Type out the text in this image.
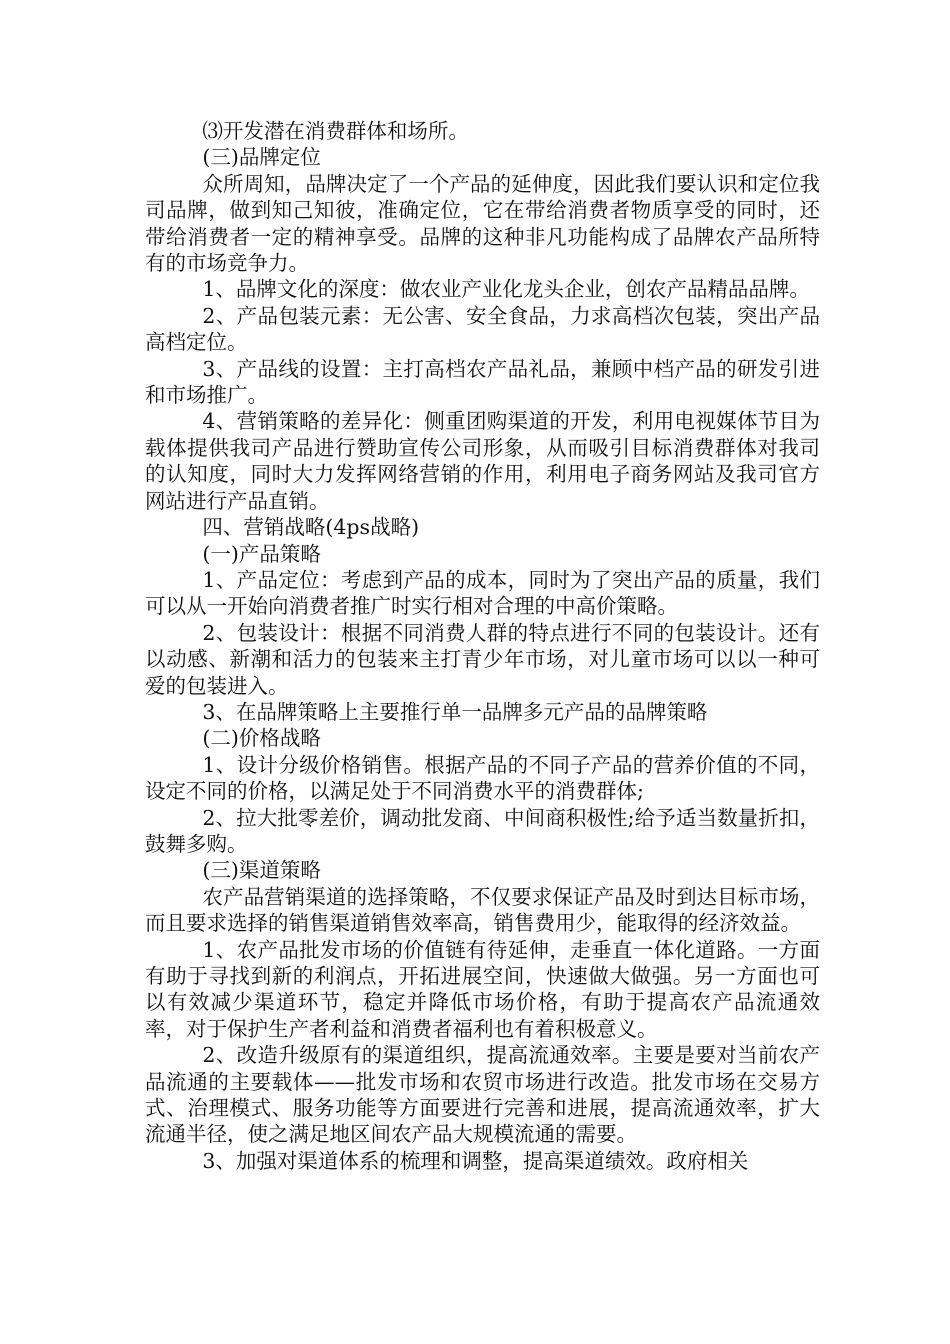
⑶开发潜在消费群体和场所。

(三)品牌定位

众所周知，品牌决定了一个产品的延伸度，因此我们要认识和定位我司品牌，做到知己知彼，准确定位，它在带给消费者物质享受的同时，还带给消费者一定的精神享受。品牌的这种非凡功能构成了品牌农产品所特有的市场竞争力。

1、品牌文化的深度：做农业产业化龙头企业，创农产品精品品牌。

2、产品包装元素：无公害、安全食品，力求高档次包装，突出产品高档定位。

3、产品线的设置：主打高档农产品礼品，兼顾中档产品的研发引进和市场推广。

4、营销策略的差异化：侧重团购渠道的开发，利用电视媒体节目为载体提供我司产品进行赞助宣传公司形象，从而吸引目标消费群体对我司的认知度，同时大力发挥网络营销的作用，利用电子商务网站及我司官方网站进行产品直销。

四、营销战略(4ps战略)

(一)产品策略

1、产品定位：考虑到产品的成本，同时为了突出产品的质量，我们可以从一开始向消费者推广时实行相对合理的中高价策略。

2、包装设计：根据不同消费人群的特点进行不同的包装设计。还有以动感、新潮和活力的包装来主打青少年市场，对儿童市场可以以一种可爱的包装进入。

3、在品牌策略上主要推行单一品牌多元产品的品牌策略

(二)价格战略

1、设计分级价格销售。根据产品的不同子产品的营养价值的不同，设定不同的价格，以满足处于不同消费水平的消费群体;

2、拉大批零差价，调动批发商、中间商积极性;给予适当数量折扣，鼓舞多购。

(三)渠道策略

农产品营销渠道的选择策略，不仅要求保证产品及时到达目标市场，而且要求选择的销售渠道销售效率高，销售费用少，能取得的经济效益。

1、农产品批发市场的价值链有待延伸，走垂直一体化道路。一方面有助于寻找到新的利润点，开拓进展空间，快速做大做强。另一方面也可以有效减少渠道环节，稳定并降低市场价格，有助于提高农产品流通效率，对于保护生产者利益和消费者福利也有着积极意义。

2、改造升级原有的渠道组织，提高流通效率。主要是要对当前农产品流通的主要载体——批发市场和农贸市场进行改造。批发市场在交易方式、治理模式、服务功能等方面要进行完善和进展，提高流通效率，扩大流通半径，使之满足地区间农产品大规模流通的需要。

3、加强对渠道体系的梳理和调整，提高渠道绩效。政府相关
